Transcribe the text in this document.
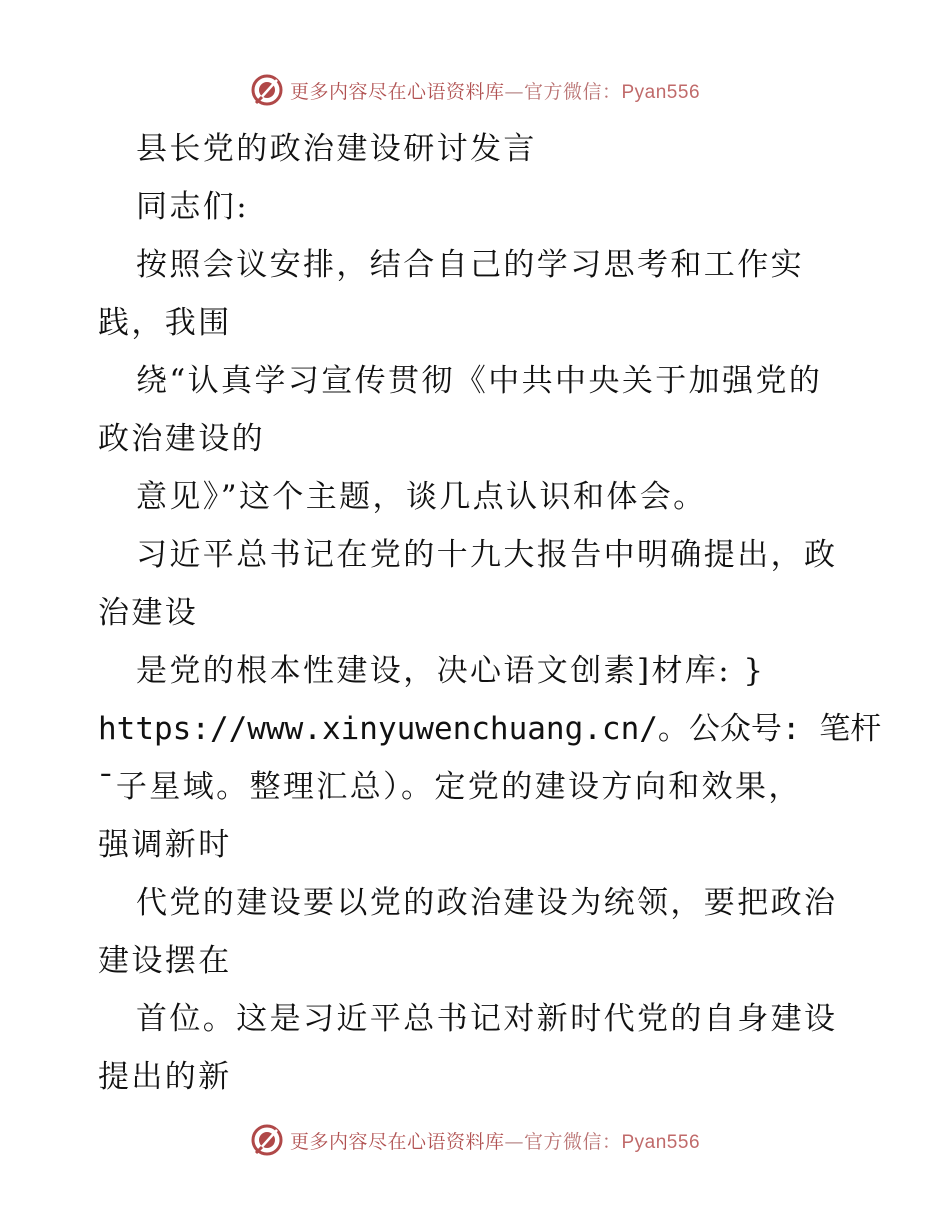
更多内容尽在心语资料库—官方微信：Pyan556
县长党的政治建设研讨发言
同志们:
按照会议安排，结合自己的学习思考和工作实
践，我围
绕“认真学习宣传贯彻《中共中央关于加强党的
政治建设的
意见》”这个主题，谈几点认识和体会。
习近平总书记在党的十九大报告中明确提出，政
治建设
是党的根本性建设，决心语文创素]材库: }
https://www.xinyuwenchuang.cn/。公众号: 笔杆
¯子星域。整理汇总）。定党的建设方向和效果，
强调新时
代党的建设要以党的政治建设为统领，要把政治
建设摆在
首位。这是习近平总书记对新时代党的自身建设
提出的新
更多内容尽在心语资料库—官方微信：Pyan556
